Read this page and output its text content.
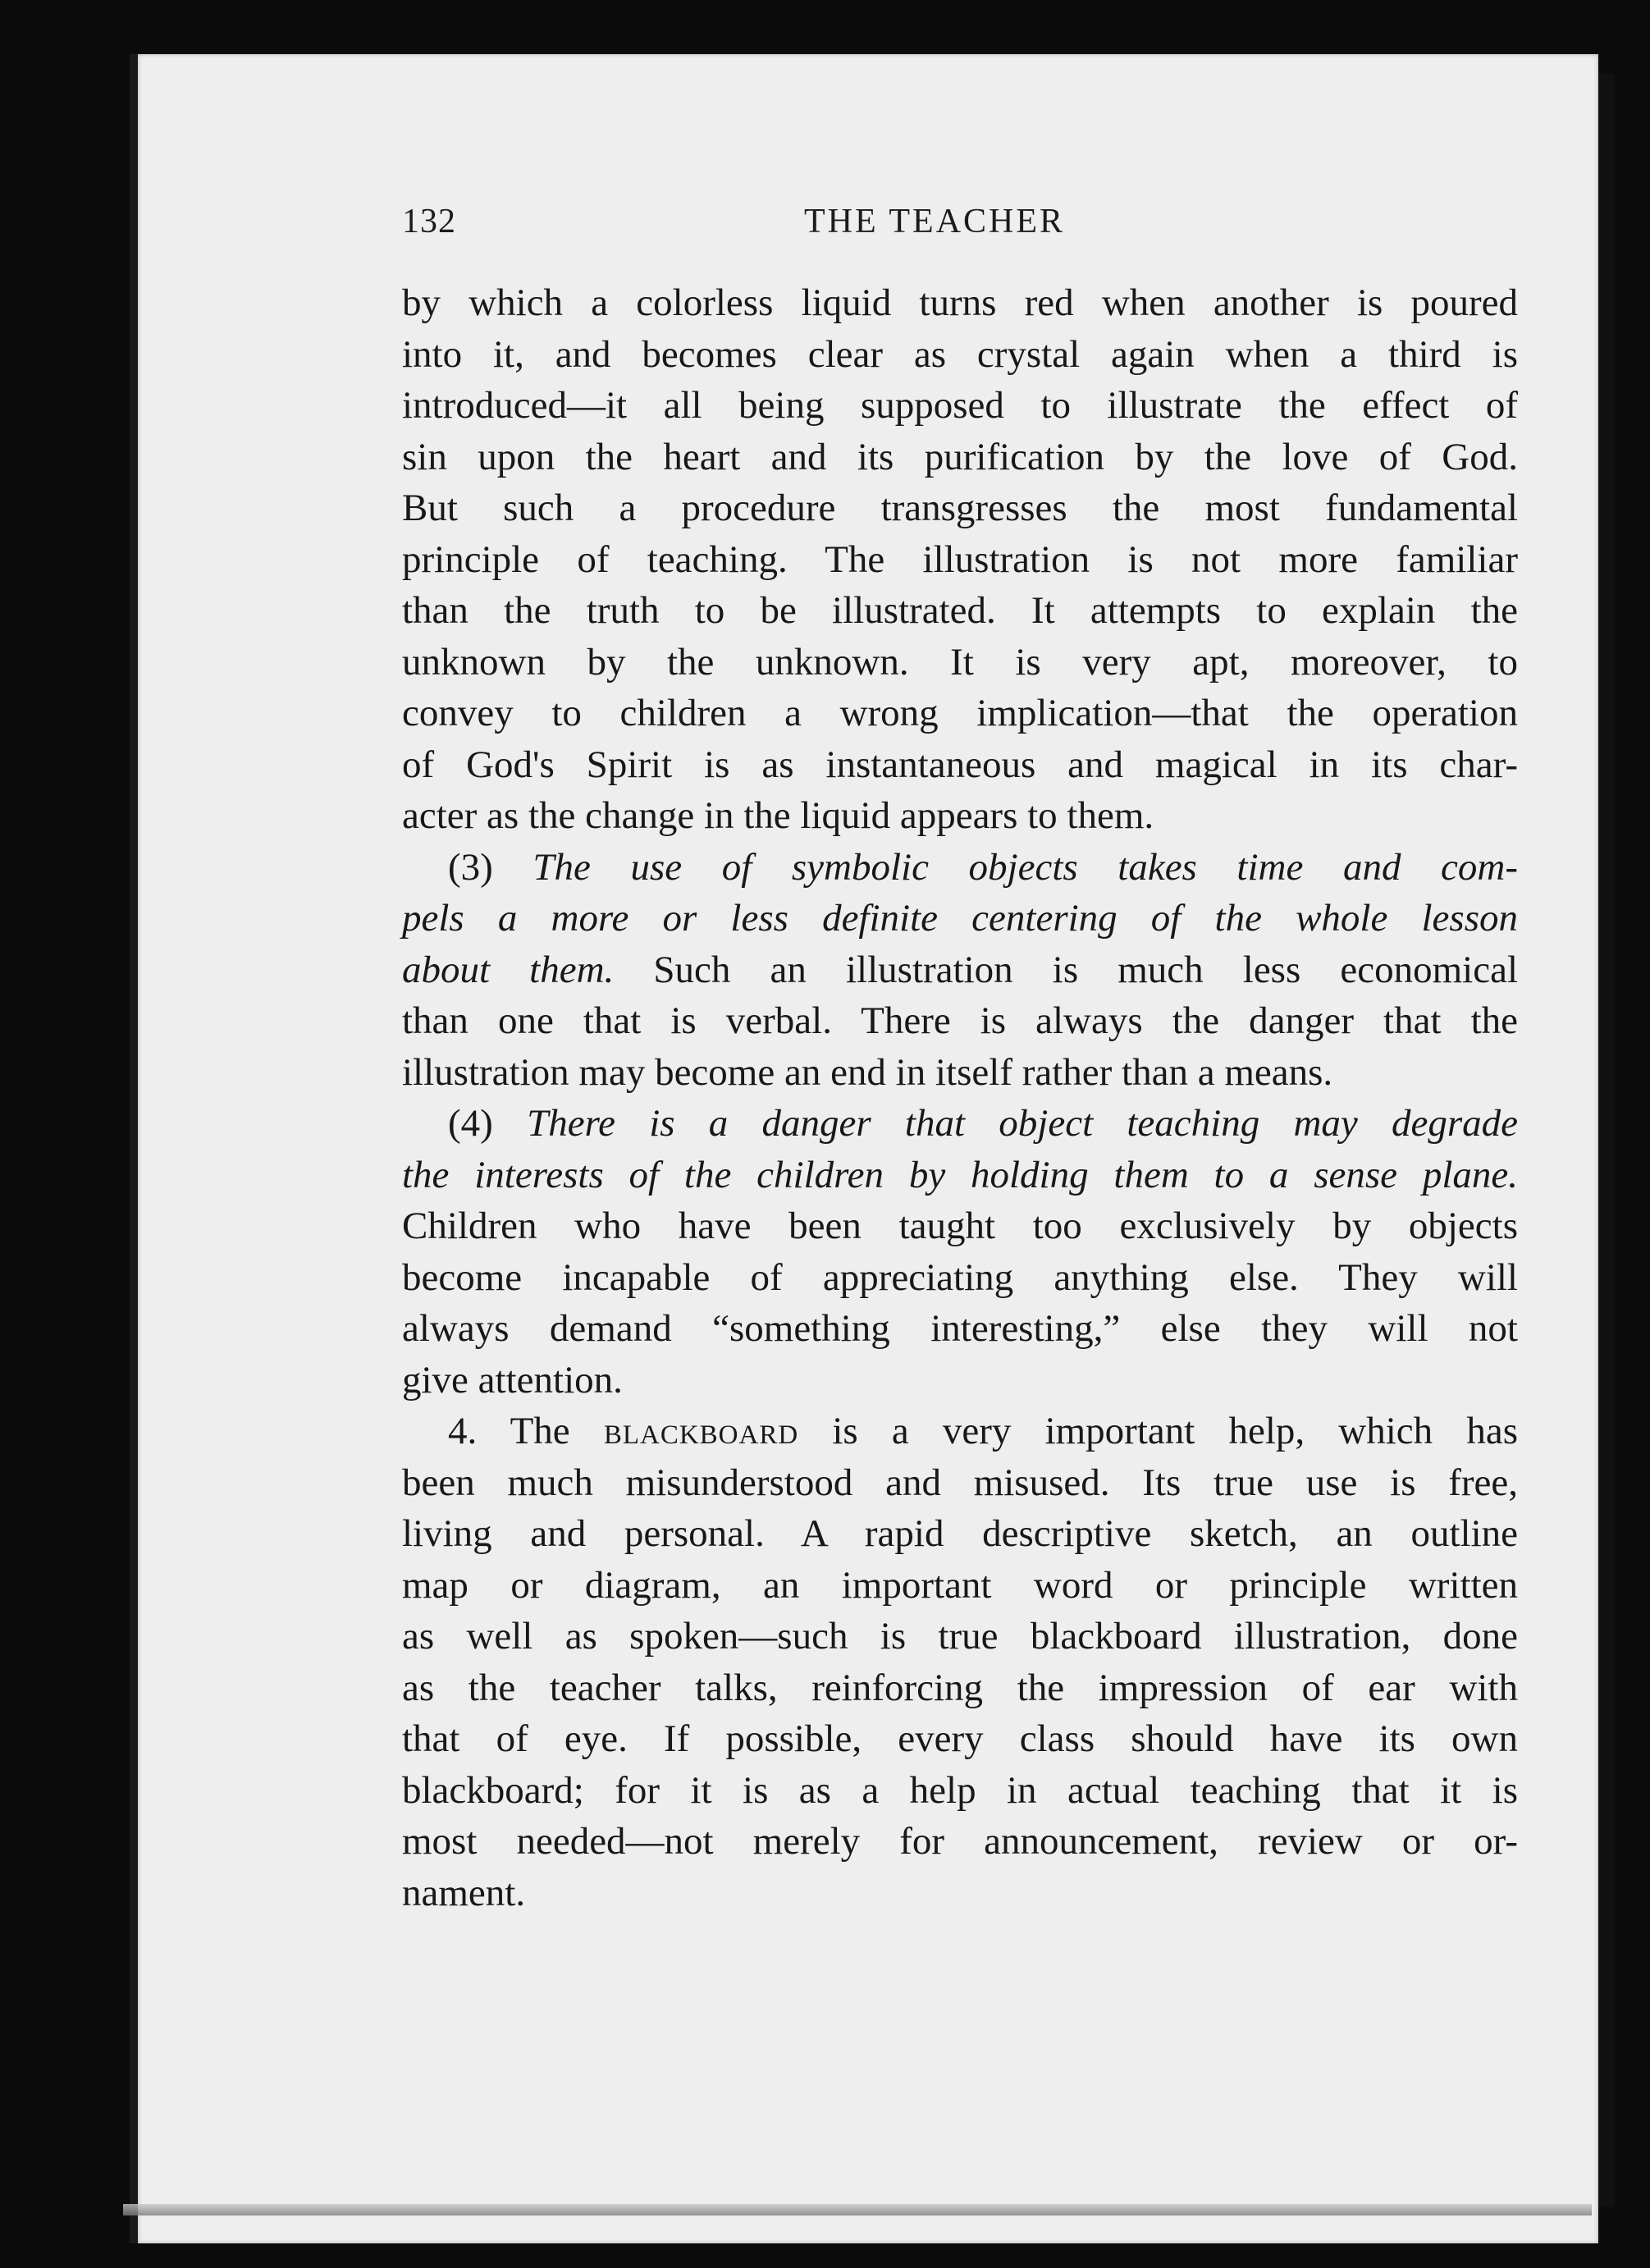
132	THE TEACHER
by which a colorless liquid turns red when another is poured
into it, and becomes clear as crystal again when a third is
introduced—it all being supposed to illustrate the effect of
sin upon the heart and its purification by the love of God.
But such a procedure transgresses the most fundamental
principle of teaching. The illustration is not more familiar
than the truth to be illustrated. It attempts to explain the
unknown by the unknown. It is very apt, moreover, to
convey to children a wrong implication—that the operation
of God's Spirit is as instantaneous and magical in its char-
acter as the change in the liquid appears to them.
(3) The use of symbolic objects takes time and com-
pels a more or less definite centering of the whole lesson
about them. Such an illustration is much less economical
than one that is verbal. There is always the danger that the
illustration may become an end in itself rather than a means.
(4) There is a danger that object teaching may degrade
the interests of the children by holding them to a sense plane.
Children who have been taught too exclusively by objects
become incapable of appreciating anything else. They will
always demand “something interesting,” else they will not
give attention.
4. The blackboard is a very important help, which has
been much misunderstood and misused. Its true use is free,
living and personal. A rapid descriptive sketch, an outline
map or diagram, an important word or principle written
as well as spoken—such is true blackboard illustration, done
as the teacher talks, reinforcing the impression of ear with
that of eye. If possible, every class should have its own
blackboard; for it is as a help in actual teaching that it is
most needed—not merely for announcement, review or or-
nament.
